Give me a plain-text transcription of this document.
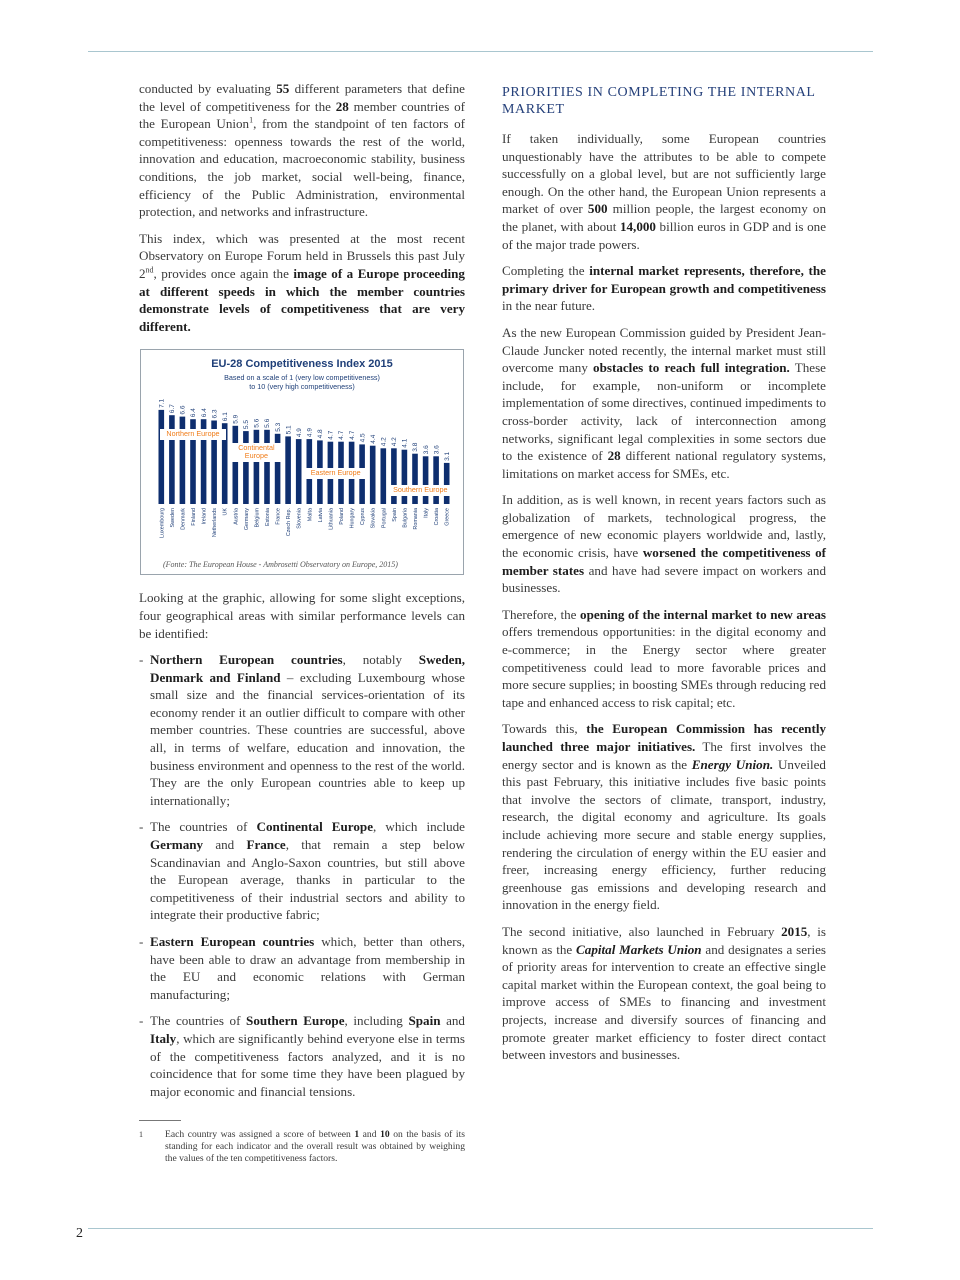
conducted by evaluating 55 different parameters that define the level of competitiveness for the 28 member countries of the European Union$^1$, from the standpoint of ten factors of competitiveness: openness towards the rest of the world, innovation and education, macroeconomic stability, business conditions, the job market, social well-being, finance, efficiency of the Public Administration, environmental protection, and networks and infrastructure.

This index, which was presented at the most recent Observatory on Europe Forum held in Brussels this past July 2nd, provides once again the image of a Europe proceeding at different speeds in which the member countries demonstrate levels of competitiveness that are very different.

EU-28 Competitiveness Index 2015
Based on a scale of 1 (very low competitiveness) to 10 (very high competitiveness)
7.1
6.7 6.6 6.4 6.4 6.3 6.1 5.9
5.5 5.6 5.6 5.3 5.1 4.9 4.9 4.8 4.7 4.7 4.7 4.5 4.4 4.2 4.2 4.1 3.8 3.6 3.6
3.1
Northern Europe
Continental
Europe
Eastern Europe
Southern Europe
Luxembourg Sweden Denmark Finland Ireland Netherlands UK Austria Germany Belgium Estonia France Czech Rep. Slovenia Malta Latvia Lithuania Poland Hungary Cyprus Slovakia Portugal Spain Bulgaria Romania Italy Croatia Greece
(Fonte: The European House - Ambrosetti Observatory on Europe, 2015)

Looking at the graphic, allowing for some slight exceptions, four geographical areas with similar performance levels can be identified:

- Northern European countries, notably Sweden, Denmark and Finland – excluding Luxembourg whose small size and the financial services-orientation of its economy render it an outlier difficult to compare with other member countries. These countries are successful, above all, in terms of welfare, education and innovation, the business environment and openness to the rest of the world. They are the only European countries able to keep up internationally;
- The countries of Continental Europe, which include Germany and France, that remain a step below Scandinavian and Anglo-Saxon countries, but still above the European average, thanks in particular to the competitiveness of their industrial sectors and ability to integrate their productive fabric;
- Eastern European countries which, better than others, have been able to draw an advantage from membership in the EU and economic relations with German manufacturing;
- The countries of Southern Europe, including Spain and Italy, which are significantly behind everyone else in terms of the competitiveness factors analyzed, and it is no coincidence that for some time they have been plagued by major economic and financial tensions.
1 Each country was assigned a score of between 1 and 10 on the basis of its standing for each indicator and the overall result was obtained by weighing the values of the ten competitiveness factors.
PRIORITIES IN COMPLETING THE INTERNAL MARKET

If taken individually, some European countries unquestionably have the attributes to be able to compete successfully on a global level, but are not sufficiently large enough. On the other hand, the European Union represents a market of over 500 million people, the largest economy on the planet, with about 14,000 billion euros in GDP and is one of the major trade powers.

Completing the internal market represents, therefore, the primary driver for European growth and competitiveness in the near future.

As the new European Commission guided by President Jean-Claude Juncker noted recently, the internal market must still overcome many obstacles to reach full integration. These include, for example, non-uniform or incomplete implementation of some directives, continued impediments to cross-border activity, lack of interconnection among networks, significant legal complexities in some sectors due to the existence of 28 different national regulatory systems, limitations on market access for SMEs, etc.

In addition, as is well known, in recent years factors such as globalization of markets, technological progress, the emergence of new economic players worldwide and, lastly, the economic crisis, have worsened the competitiveness of member states and have had severe impact on workers and businesses.

Therefore, the opening of the internal market to new areas offers tremendous opportunities: in the digital economy and e-commerce; in the Energy sector where greater competitiveness could lead to more favorable prices and more secure supplies; in boosting SMEs through reducing red tape and enhanced access to risk capital; etc.

Towards this, the European Commission has recently launched three major initiatives. The first involves the energy sector and is known as the Energy Union. Unveiled this past February, this initiative includes five basic points that involve the sectors of climate, transport, industry, research, the digital economy and agriculture. Its goals include achieving more secure and stable energy supplies, rendering the circulation of energy within the EU easier and freer, increasing energy efficiency, further reducing greenhouse gas emissions and developing research and innovation in the energy field.

The second initiative, also launched in February 2015, is known as the Capital Markets Union and designates a series of priority areas for intervention to create an effective single capital market within the European context, the goal being to improve access of SMEs to financing and investment projects, increase and diversify sources of financing and promote greater market efficiency to foster direct contact between investors and businesses.

2
